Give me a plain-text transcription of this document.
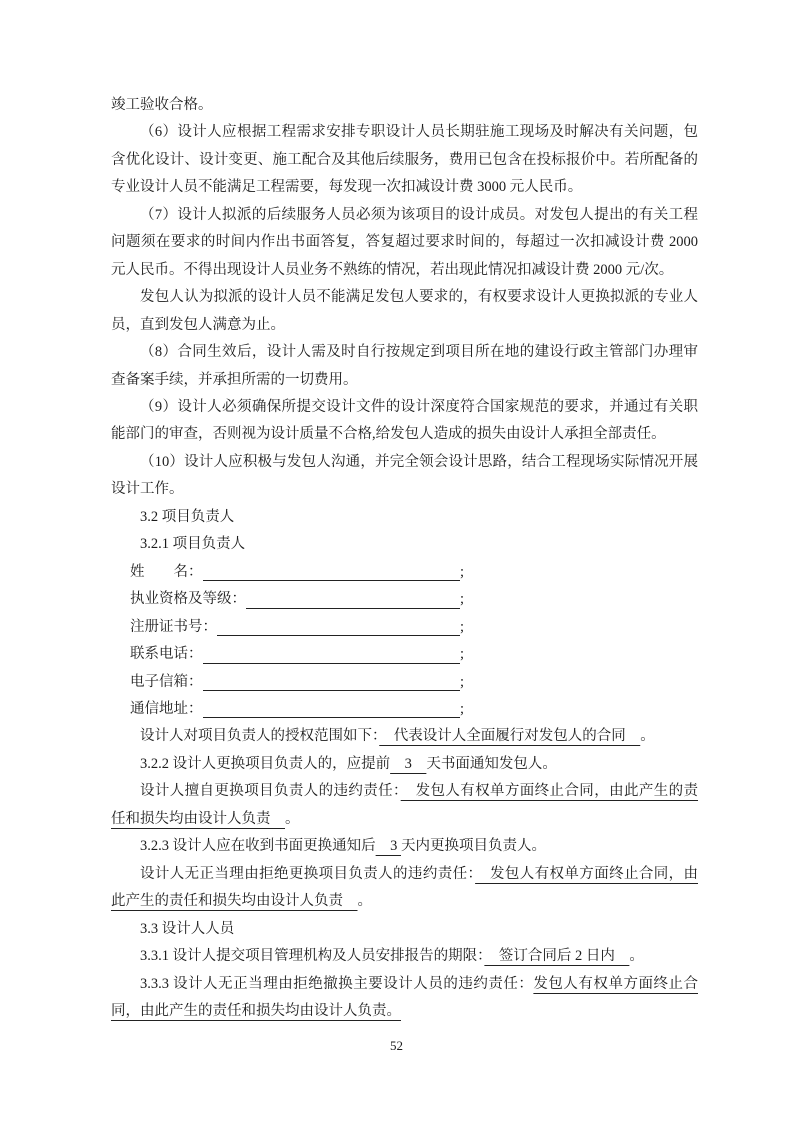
竣工验收合格。

（6）设计人应根据工程需求安排专职设计人员长期驻施工现场及时解决有关问题，包含优化设计、设计变更、施工配合及其他后续服务，费用已包含在投标报价中。若所配备的专业设计人员不能满足工程需要，每发现一次扣减设计费 3000 元人民币。

（7）设计人拟派的后续服务人员必须为该项目的设计成员。对发包人提出的有关工程问题须在要求的时间内作出书面答复，答复超过要求时间的，每超过一次扣减设计费 2000 元人民币。不得出现设计人员业务不熟练的情况，若出现此情况扣减设计费 2000 元/次。

发包人认为拟派的设计人员不能满足发包人要求的，有权要求设计人更换拟派的专业人员，直到发包人满意为止。

（8）合同生效后，设计人需及时自行按规定到项目所在地的建设行政主管部门办理审查备案手续，并承担所需的一切费用。

（9）设计人必须确保所提交设计文件的设计深度符合国家规范的要求，并通过有关职能部门的审查，否则视为设计质量不合格,给发包人造成的损失由设计人承担全部责任。

（10）设计人应积极与发包人沟通，并完全领会设计思路，结合工程现场实际情况开展设计工作。

3.2 项目负责人

3.2.1 项目负责人

姓　　名：	;
执业资格及等级：	;
注册证书号：	;
联系电话：	;
电子信箱：	;
通信地址：	;

设计人对项目负责人的授权范围如下：　代表设计人全面履行对发包人的合同　。

3.2.2 设计人更换项目负责人的，应提前　3　天书面通知发包人。

设计人擅自更换项目负责人的违约责任：　发包人有权单方面终止合同，由此产生的责任和损失均由设计人负责　。

3.2.3 设计人应在收到书面更换通知后　3 天内更换项目负责人。

设计人无正当理由拒绝更换项目负责人的违约责任：　发包人有权单方面终止合同，由此产生的责任和损失均由设计人负责　。

3.3 设计人人员

3.3.1 设计人提交项目管理机构及人员安排报告的期限：　签订合同后 2 日内　。

3.3.3 设计人无正当理由拒绝撤换主要设计人员的违约责任：发包人有权单方面终止合同，由此产生的责任和损失均由设计人负责。

52
